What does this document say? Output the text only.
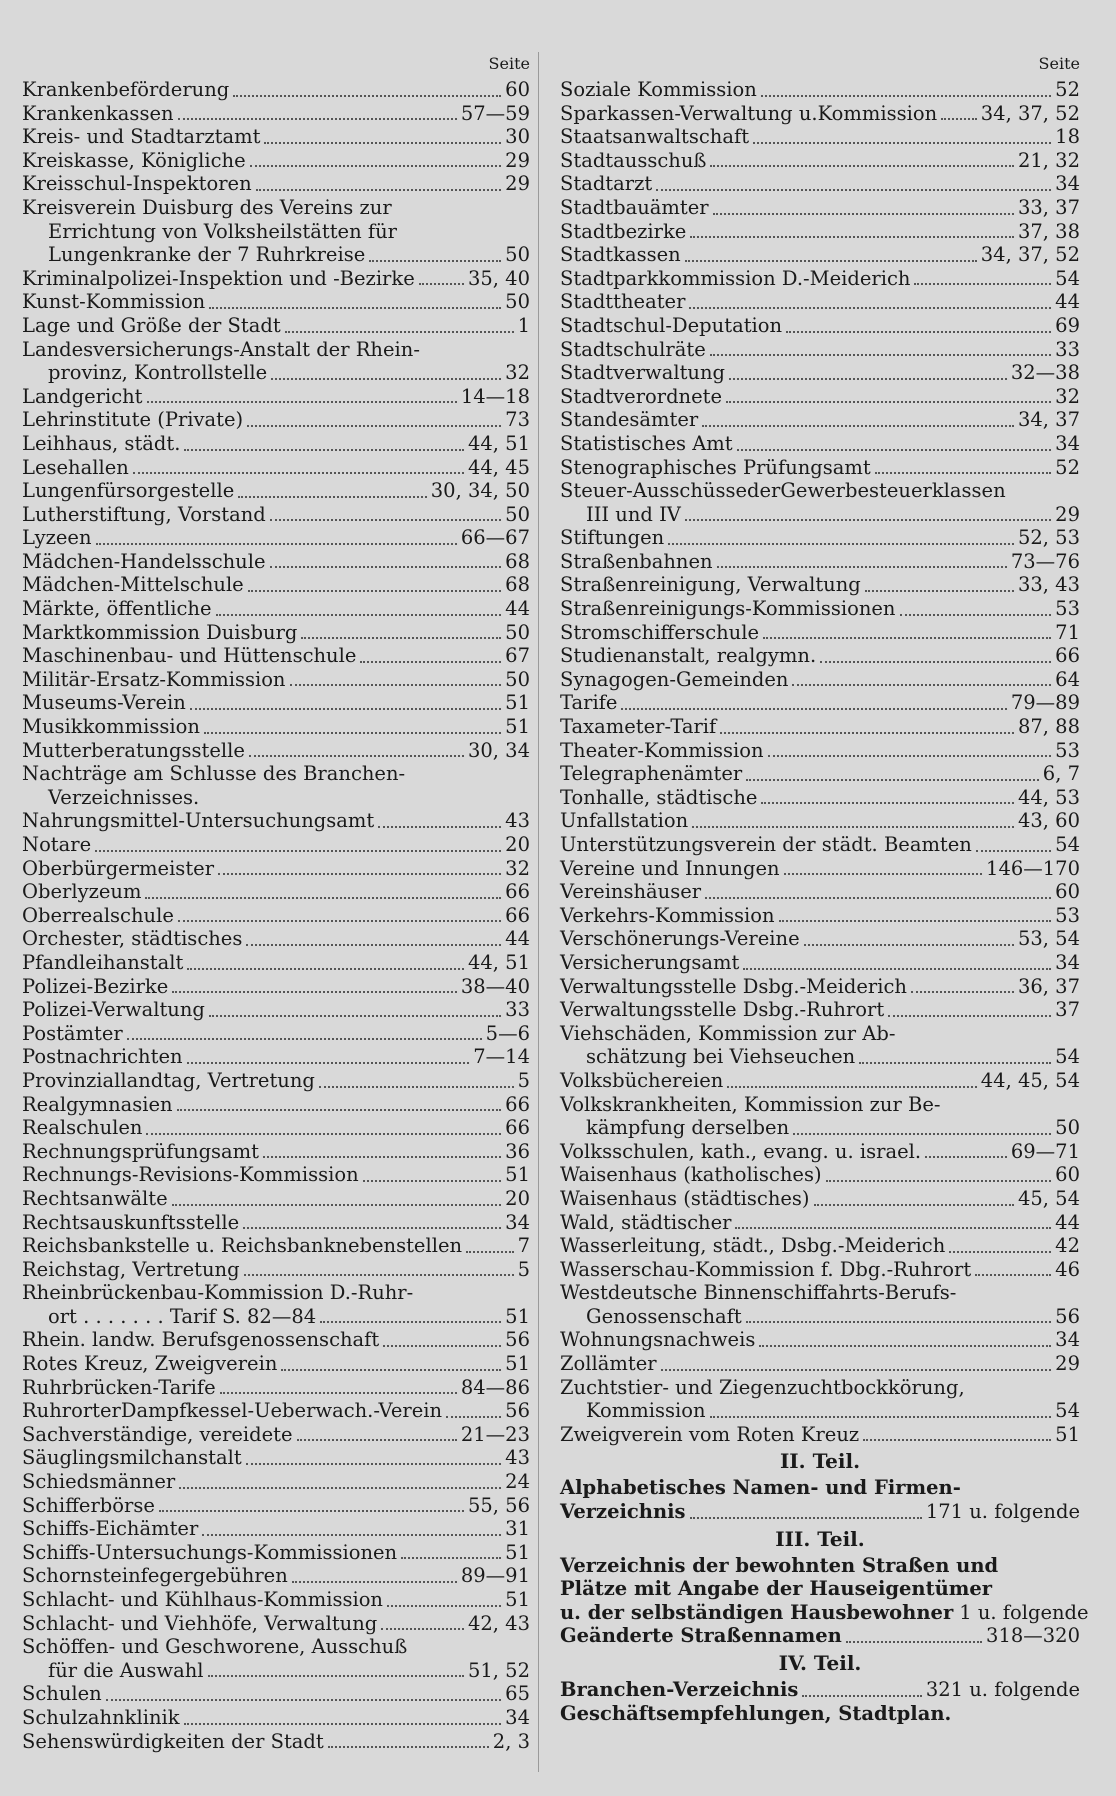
Seite
Krankenbeförderung	60
Krankenkassen	57—59
Kreis- und Stadtarztamt	30
Kreiskasse, Königliche	29
Kreisschul-Inspektoren	29
Kreisverein Duisburg des Vereins zur
Errichtung von Volksheilstätten für
Lungenkranke der 7 Ruhrkreise	50
Kriminalpolizei-Inspektion und -Bezirke	35, 40
Kunst-Kommission	50
Lage und Größe der Stadt	1
Landesversicherungs-Anstalt der Rhein-
provinz, Kontrollstelle	32
Landgericht	14—18
Lehrinstitute (Private)	73
Leihhaus, städt.	44, 51
Lesehallen	44, 45
Lungenfürsorgestelle	30, 34, 50
Lutherstiftung, Vorstand	50
Lyzeen	66—67
Mädchen-Handelsschule	68
Mädchen-Mittelschule	68
Märkte, öffentliche	44
Marktkommission Duisburg	50
Maschinenbau- und Hüttenschule	67
Militär-Ersatz-Kommission	50
Museums-Verein	51
Musikkommission	51
Mutterberatungsstelle	30, 34
Nachträge am Schlusse des Branchen-
Verzeichnisses.
Nahrungsmittel-Untersuchungsamt	43
Notare	20
Oberbürgermeister	32
Oberlyzeum	66
Oberrealschule	66
Orchester, städtisches	44
Pfandleihanstalt	44, 51
Polizei-Bezirke	38—40
Polizei-Verwaltung	33
Postämter	5—6
Postnachrichten	7—14
Provinziallandtag, Vertretung	5
Realgymnasien	66
Realschulen	66
Rechnungsprüfungsamt	36
Rechnungs-Revisions-Kommission	51
Rechtsanwälte	20
Rechtsauskunftsstelle	34
Reichsbankstelle u. Reichsbanknebenstellen	7
Reichstag, Vertretung	5
Rheinbrückenbau-Kommission D.-Ruhr-
ort . . . . . . . Tarif S. 82—84	51
Rhein. landw. Berufsgenossenschaft	56
Rotes Kreuz, Zweigverein	51
Ruhrbrücken-Tarife	84—86
RuhrorterDampfkessel-Ueberwach.-Verein	56
Sachverständige, vereidete	21—23
Säuglingsmilchanstalt	43
Schiedsmänner	24
Schifferbörse	55, 56
Schiffs-Eichämter	31
Schiffs-Untersuchungs-Kommissionen	51
Schornsteinfegergebühren	89—91
Schlacht- und Kühlhaus-Kommission	51
Schlacht- und Viehhöfe, Verwaltung	42, 43
Schöffen- und Geschworene, Ausschuß
für die Auswahl	51, 52
Schulen	65
Schulzahnklinik	34
Sehenswürdigkeiten der Stadt	2, 3
Seite
Soziale Kommission	52
Sparkassen-Verwaltung u.Kommission 34, 37, 52
Staatsanwaltschaft	18
Stadtausschuß	21, 32
Stadtarzt	34
Stadtbauämter	33, 37
Stadtbezirke	37, 38
Stadtkassen	34, 37, 52
Stadtparkkommission D.-Meiderich	54
Stadttheater	44
Stadtschul-Deputation	69
Stadtschulräte	33
Stadtverwaltung	32—38
Stadtverordnete	32
Standesämter	34, 37
Statistisches Amt	34
Stenographisches Prüfungsamt	52
Steuer-AusschüssederGewerbesteuerklassen
III und IV	29
Stiftungen	52, 53
Straßenbahnen	73—76
Straßenreinigung, Verwaltung	33, 43
Straßenreinigungs-Kommissionen	53
Stromschifferschule	71
Studienanstalt, realgymn.	66
Synagogen-Gemeinden	64
Tarife	79—89
Taxameter-Tarif	87, 88
Theater-Kommission	53
Telegraphenämter	6, 7
Tonhalle, städtische	44, 53
Unfallstation	43, 60
Unterstützungsverein der städt. Beamten	54
Vereine und Innungen	146—170
Vereinshäuser	60
Verkehrs-Kommission	53
Verschönerungs-Vereine	53, 54
Versicherungsamt	34
Verwaltungsstelle Dsbg.-Meiderich	36, 37
Verwaltungsstelle Dsbg.-Ruhrort	37
Viehschäden, Kommission zur Ab-
schätzung bei Viehseuchen	54
Volksbüchereien	44, 45, 54
Volkskrankheiten, Kommission zur Be-
kämpfung derselben	50
Volksschulen, kath., evang. u. israel.	69—71
Waisenhaus (katholisches)	60
Waisenhaus (städtisches)	45, 54
Wald, städtischer	44
Wasserleitung, städt., Dsbg.-Meiderich	42
Wasserschau-Kommission f. Dbg.-Ruhrort	46
Westdeutsche Binnenschiffahrts-Berufs-
Genossenschaft	56
Wohnungsnachweis	34
Zollämter	29
Zuchtstier- und Ziegenzuchtbockkörung,
Kommission	54
Zweigverein vom Roten Kreuz	51
II. Teil.
Alphabetisches Namen- und Firmen-
Verzeichnis	171 u. folgende
III. Teil.
Verzeichnis der bewohnten Straßen und
Plätze mit Angabe der Hauseigentümer
u. der selbständigen Hausbewohner 1 u. folgende
Geänderte Straßennamen	318—320
IV. Teil.
Branchen-Verzeichnis	321 u. folgende
Geschäftsempfehlungen, Stadtplan.
